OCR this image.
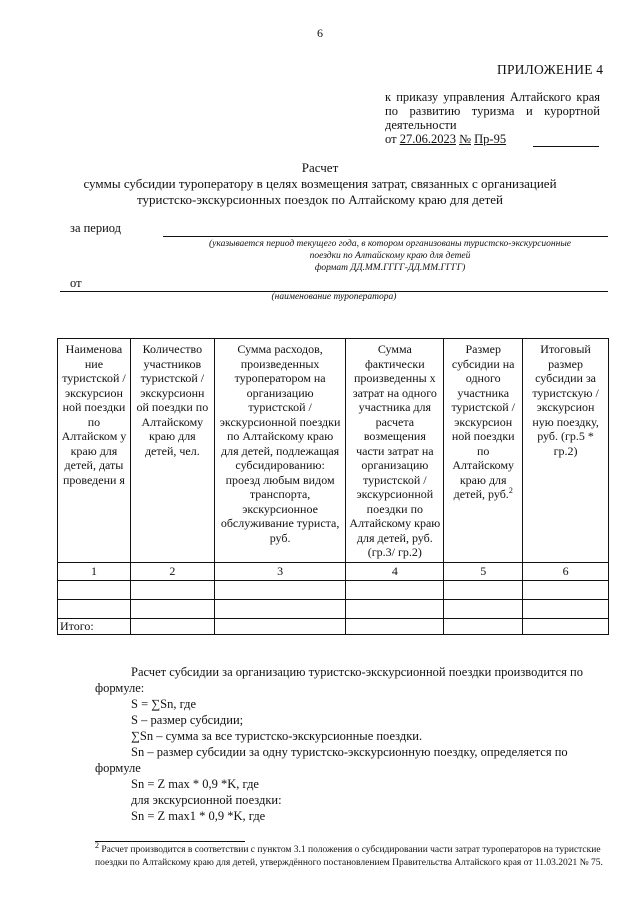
6
ПРИЛОЖЕНИЕ 4
к приказу управления Алтайского края по развитию туризма и курортной деятельности
от 27.06.2023 № Пр-95
Расчет
суммы субсидии туроператору в целях возмещения затрат, связанных с организацией
туристско-экскурсионных поездок по Алтайскому краю для детей
за период
(указывается период текущего года, в котором организованы туристско-экскурсионные
поездки по Алтайскому краю для детей
формат ДД.ММ.ГГГГ-ДД.ММ.ГГГГ)
от
(наименование туроператора)
Наименова ние туристской / экскурсион ной поездки по Алтайском у краю для детей, даты проведени я	Количество участников туристской / экскурсионн ой поездки по Алтайскому краю для детей, чел.	Сумма расходов, произведенных туроператором на организацию туристской / экскурсионной поездки по Алтайскому краю для детей, подлежащая субсидированию: проезд любым видом транспорта, экскурсионное обслуживание туриста, руб.	Сумма фактически произведенны х затрат на одного участника для расчета возмещения части затрат на организацию туристской / экскурсионной поездки по Алтайскому краю для детей, руб. (гр.3/ гр.2)	Размер субсидии на одного участника туристской / экскурсион ной поездки по Алтайскому краю для детей, руб.$^2$	Итоговый размер субсидии за туристскую / экскурсион ную поездку, руб. (гр.5 * гр.2)
1	2	3	4	5	6

Итого:					

Расчет субсидии за организацию туристско-экскурсионной поездки производится по формуле:

S = ∑Sn, где

S – размер субсидии;

∑Sn – сумма за все туристско-экскурсионные поездки.

Sn – размер субсидии за одну туристско-экскурсионную поездку, определяется по формуле

Sn = Z max * 0,9 *K, где

для экскурсионной поездки:

Sn = Z max1 * 0,9 *K, где

$^2$ Расчет производится в соответствии с пунктом 3.1 положения о субсидировании части затрат туроператоров на туристские поездки по Алтайскому краю для детей, утверждённого постановлением Правительства Алтайского края от 11.03.2021 № 75.
